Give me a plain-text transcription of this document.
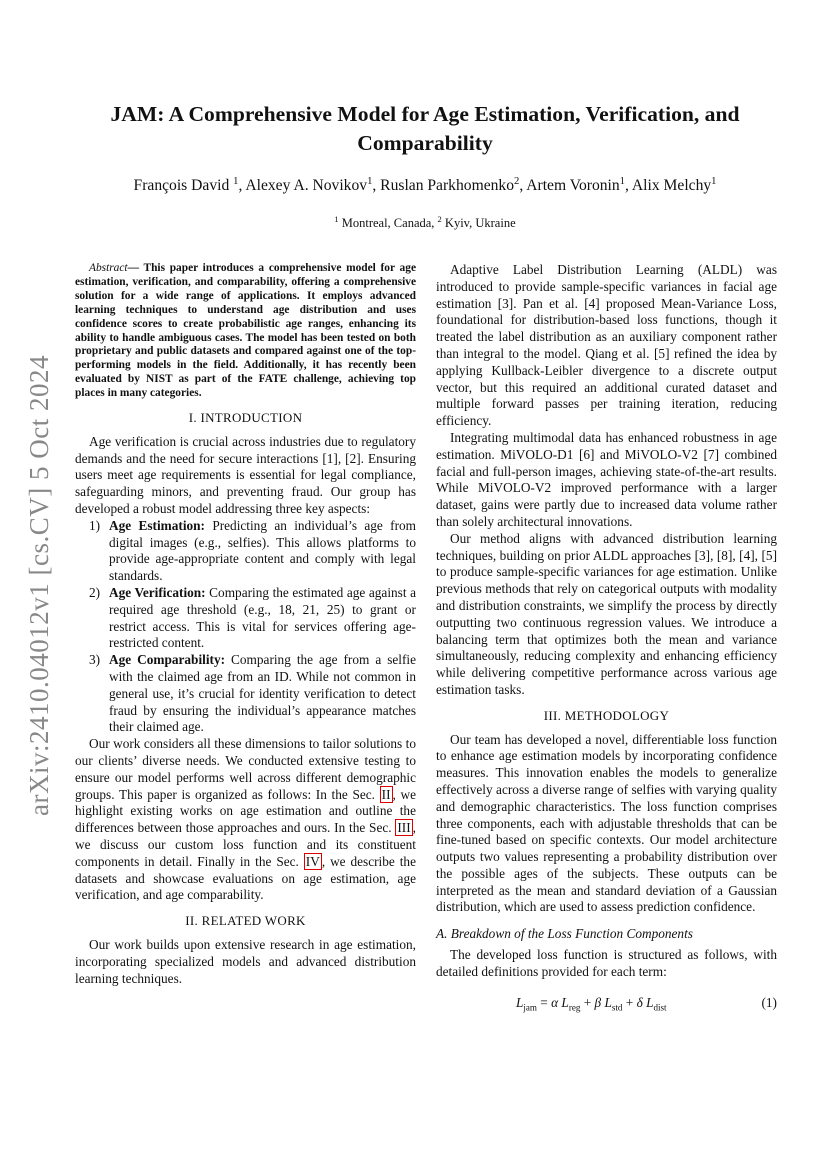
arXiv:2410.04012v1 [cs.CV] 5 Oct 2024
JAM: A Comprehensive Model for Age Estimation, Verification, and Comparability
François David $^1$, Alexey A. Novikov$^1$, Ruslan Parkhomenko$^2$, Artem Voronin$^1$, Alix Melchy$^1$
$^1$ Montreal, Canada, $^2$ Kyiv, Ukraine

Abstract— This paper introduces a comprehensive model for age estimation, verification, and comparability, offering a comprehensive solution for a wide range of applications. It employs advanced learning techniques to understand age distribution and uses confidence scores to create probabilistic age ranges, enhancing its ability to handle ambiguous cases. The model has been tested on both proprietary and public datasets and compared against one of the top-performing models in the field. Additionally, it has recently been evaluated by NIST as part of the FATE challenge, achieving top places in many categories.

I. INTRODUCTION

Age verification is crucial across industries due to regulatory demands and the need for secure interactions [1], [2]. Ensuring users meet age requirements is essential for legal compliance, safeguarding minors, and preventing fraud. Our group has developed a robust model addressing three key aspects:

1) Age Estimation: Predicting an individual’s age from digital images (e.g., selfies). This allows platforms to provide age-appropriate content and comply with legal standards.
2) Age Verification: Comparing the estimated age against a required age threshold (e.g., 18, 21, 25) to grant or restrict access. This is vital for services offering age-restricted content.
3) Age Comparability: Comparing the age from a selfie with the claimed age from an ID. While not common in general use, it’s crucial for identity verification to detect fraud by ensuring the individual’s appearance matches their claimed age.

Our work considers all these dimensions to tailor solutions to our clients’ diverse needs. We conducted extensive testing to ensure our model performs well across different demographic groups. This paper is organized as follows: In the Sec. II , we highlight existing works on age estimation and outline the differences between those approaches and ours. In the Sec. III , we discuss our custom loss function and its constituent components in detail. Finally in the Sec. IV , we describe the datasets and showcase evaluations on age estimation, age verification, and age comparability.

II. RELATED WORK

Our work builds upon extensive research in age estimation, incorporating specialized models and advanced distribution learning techniques.

Adaptive Label Distribution Learning (ALDL) was introduced to provide sample-specific variances in facial age estimation [3]. Pan et al. [4] proposed Mean-Variance Loss, foundational for distribution-based loss functions, though it treated the label distribution as an auxiliary component rather than integral to the model. Qiang et al. [5] refined the idea by applying Kullback-Leibler divergence to a discrete output vector, but this required an additional curated dataset and multiple forward passes per training iteration, reducing efficiency.

Integrating multimodal data has enhanced robustness in age estimation. MiVOLO-D1 [6] and MiVOLO-V2 [7] combined facial and full-person images, achieving state-of-the-art results. While MiVOLO-V2 improved performance with a larger dataset, gains were partly due to increased data volume rather than solely architectural innovations.

Our method aligns with advanced distribution learning techniques, building on prior ALDL approaches [3], [8], [4], [5] to produce sample-specific variances for age estimation. Unlike previous methods that rely on categorical outputs with modality and distribution constraints, we simplify the process by directly outputting two continuous regression values. We introduce a balancing term that optimizes both the mean and variance simultaneously, reducing complexity and enhancing efficiency while delivering competitive performance across various age estimation tasks.

III. METHODOLOGY

Our team has developed a novel, differentiable loss function to enhance age estimation models by incorporating confidence measures. This innovation enables the models to generalize effectively across a diverse range of selfies with varying quality and demographic characteristics. The loss function comprises three components, each with adjustable thresholds that can be fine-tuned based on specific contexts. Our model architecture outputs two values representing a probability distribution over the possible ages of the subjects. These outputs can be interpreted as the mean and standard deviation of a Gaussian distribution, which are used to assess prediction confidence.

A. Breakdown of the Loss Function Components

The developed loss function is structured as follows, with detailed definitions provided for each term:

$L_{jam} = \alpha$ $L_{reg} + \beta$ $L_{std} + \delta$ $L_{dist}$	(1)
